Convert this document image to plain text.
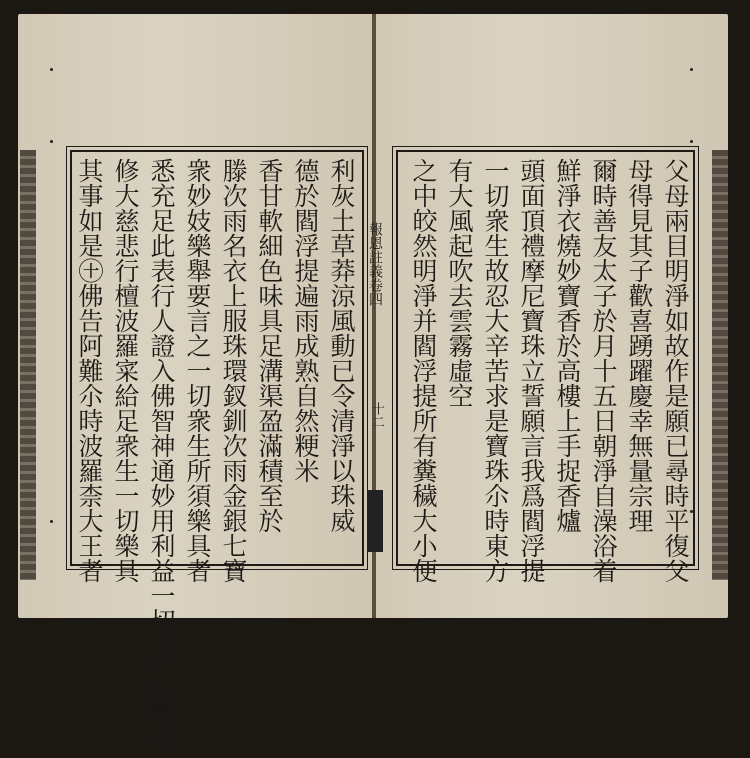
其事如是㊉佛告阿難尒時波羅柰大王者 修大慈悲行檀波羅寀給足衆生一切樂具 悉充足此表行人證入佛智神通妙用利益一切有情故菩薩 衆妙妓樂舉要言之一切衆生所須樂具者 滕次雨名衣上服珠環釵釧次雨金銀七寶 香甘軟細色味具足溝渠盈滿積至於 德於閻浮提遍雨成熟自然粳米 利灰土草莽涼風動已令清淨以珠威	父母兩目明淨如故作是願已尋時平復父
母得見其子歡喜踴躍慶幸無量宗理
爾時善友太子於月十五日朝淨自澡浴着
鮮淨衣燒妙寶香於高樓上手捉香爐
頭面頂禮摩尼寶珠立誓願言我爲閻浮提
一切衆生故忍大辛苦求是寶珠尒時東方
有大風起吹去雲霧虛空
之中皎然明淨并閻浮提所有糞穢大小便
報恩註義卷四
十二
